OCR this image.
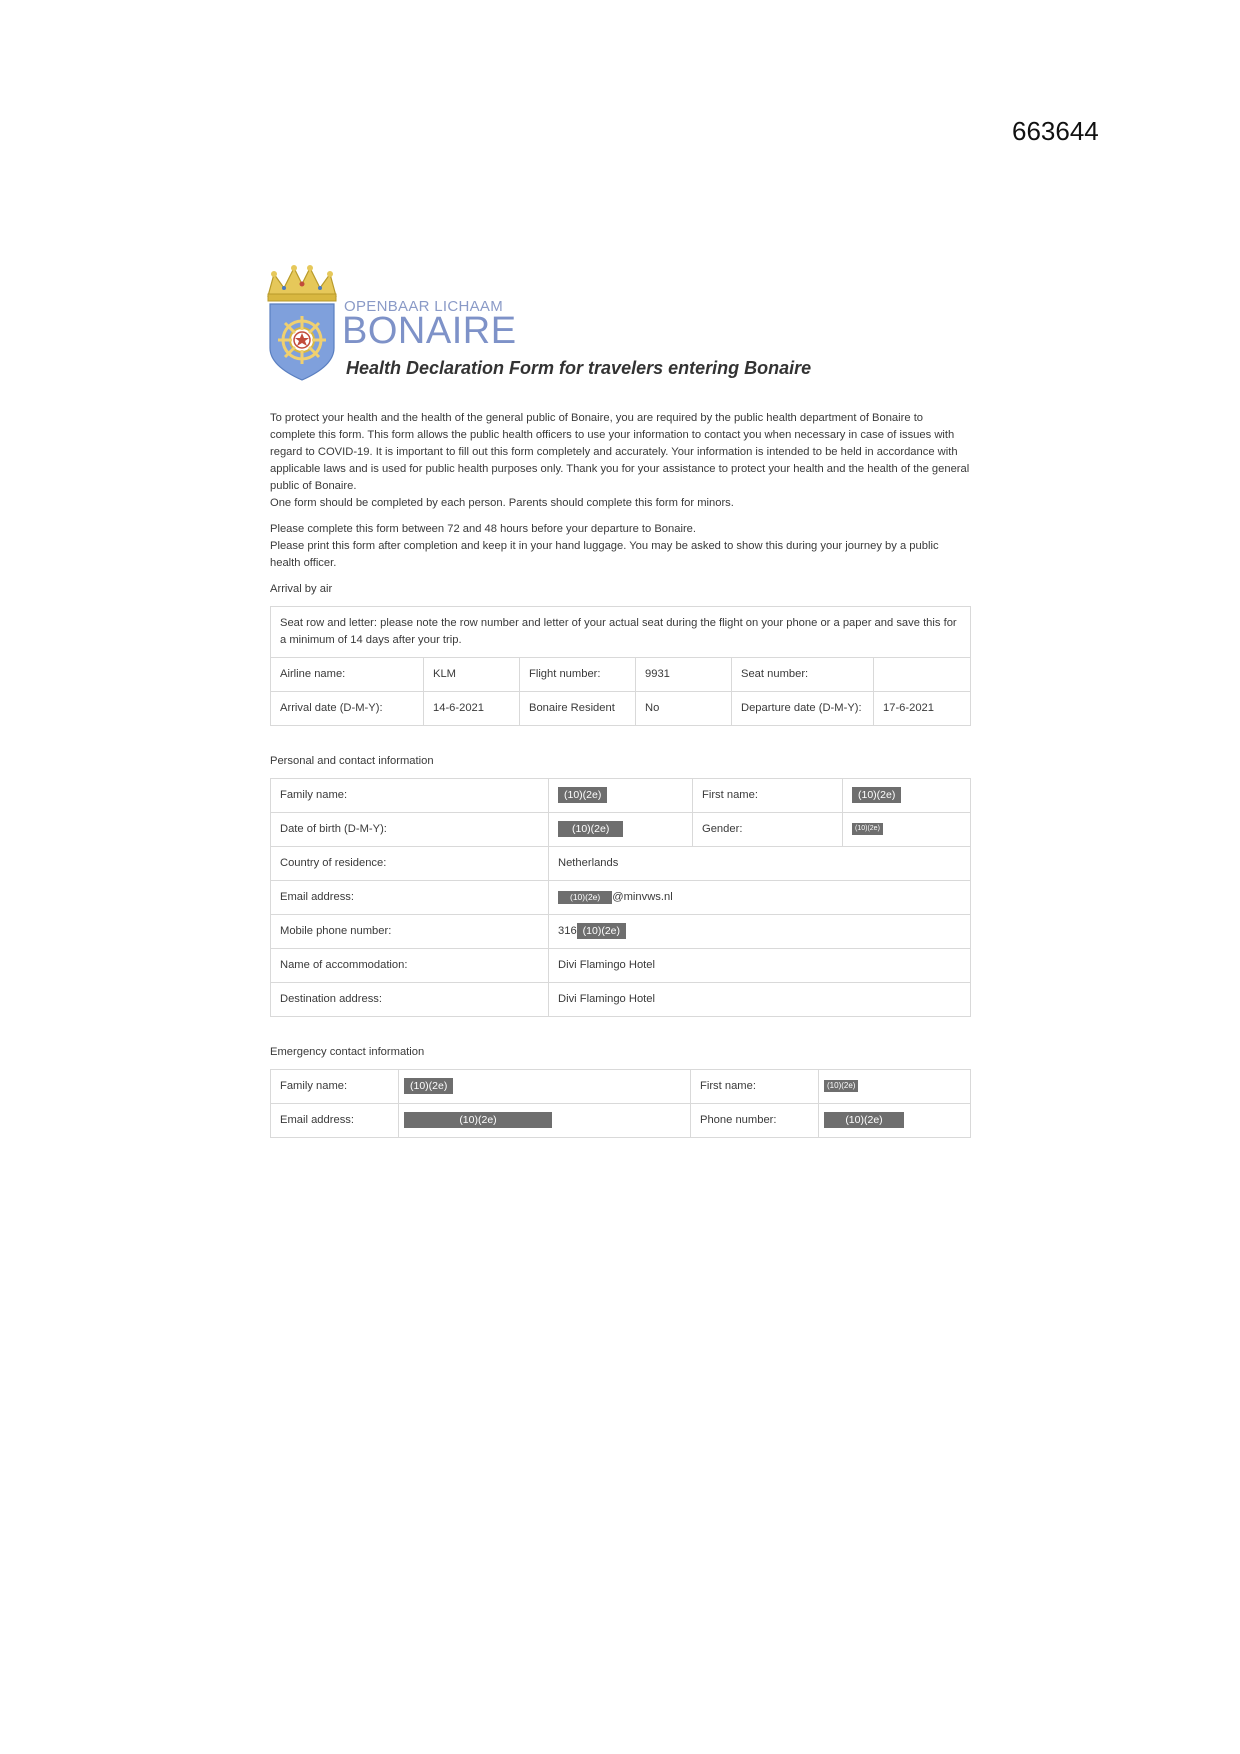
663644
OPENBAAR LICHAAM
BONAIRE
Health Declaration Form for travelers entering Bonaire

To protect your health and the health of the general public of Bonaire, you are required by the public health department of Bonaire to complete this form. This form allows the public health officers to use your information to contact you when necessary in case of issues with regard to COVID-19. It is important to fill out this form completely and accurately. Your information is intended to be held in accordance with applicable laws and is used for public health purposes only. Thank you for your assistance to protect your health and the health of the general public of Bonaire.

One form should be completed by each person. Parents should complete this form for minors.

Please complete this form between 72 and 48 hours before your departure to Bonaire.

Please print this form after completion and keep it in your hand luggage. You may be asked to show this during your journey by a public health officer.

Arrival by air
Seat row and letter: please note the row number and letter of your actual seat during the flight on your phone or a paper and save this for a minimum of 14 days after your trip.					
Airline name:	KLM	Flight number:	9931	Seat number:	
Arrival date (D-M-Y):	14-6-2021	Bonaire Resident	No	Departure date (D-M-Y):	17-6-2021
Personal and contact information
Family name:	(10)(2e)	First name:	(10)(2e)
Date of birth (D-M-Y):	(10)(2e)	Gender:	(10)(2e)
Country of residence:	Netherlands		
Email address:	(10)(2e) @minvws.nl		
Mobile phone number:	316 (10)(2e)		
Name of accommodation:	Divi Flamingo Hotel		
Destination address:	Divi Flamingo Hotel		
Emergency contact information
Family name:	(10)(2e)	First name:	(10)(2e)
Email address:	(10)(2e)	Phone number:	(10)(2e)
